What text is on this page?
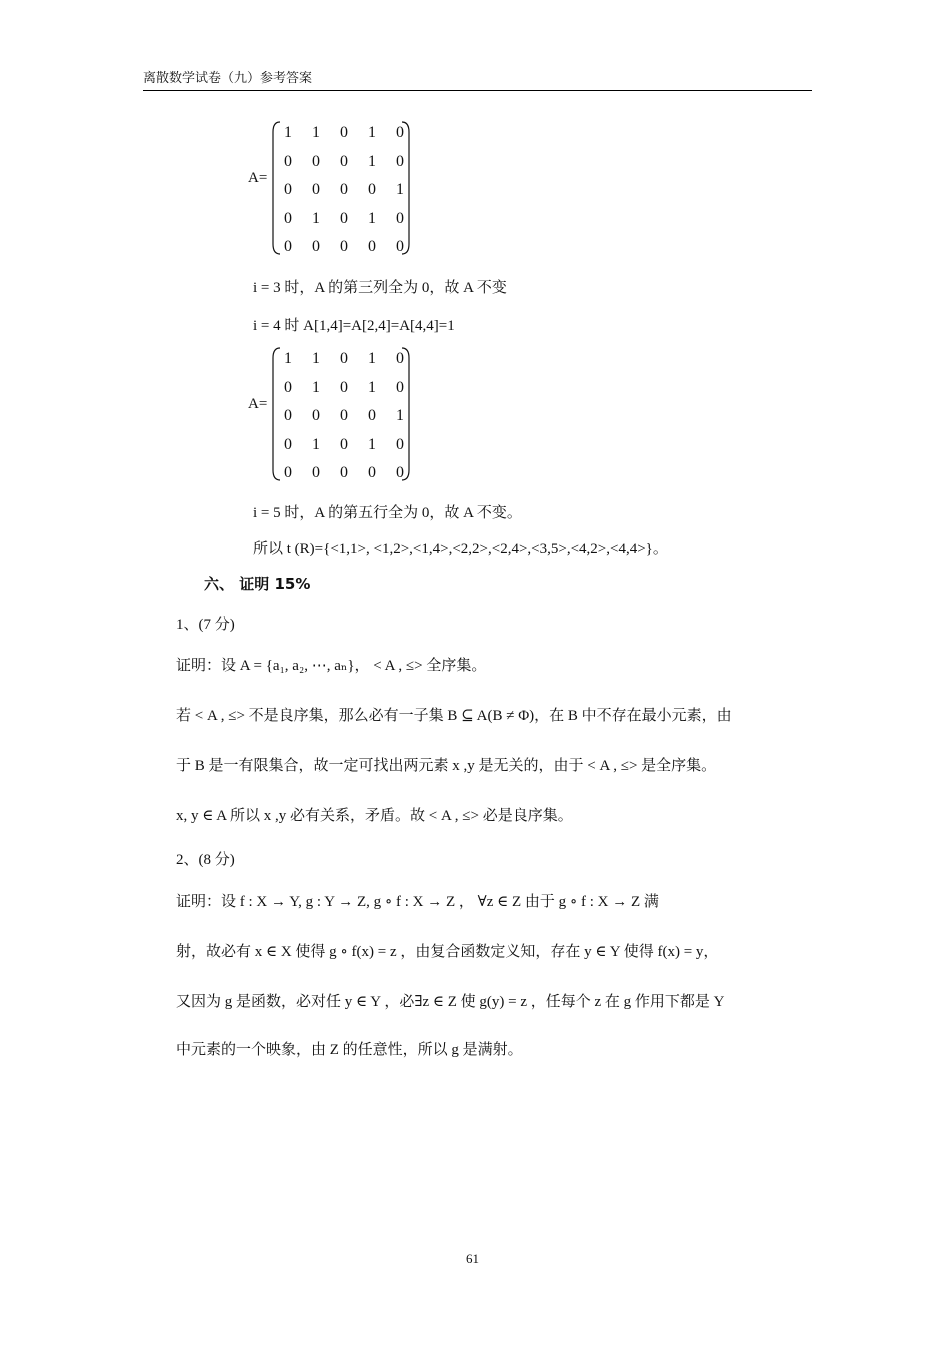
离散数学试卷（九）参考答案
A=
1	1	0	1	0
0	0	0	1	0
0	0	0	0	1
0	1	0	1	0
0	0	0	0	0
i = 3 时，A 的第三列全为 0，故 A 不变
i = 4 时 A[1,4]=A[2,4]=A[4,4]=1
A=
1	1	0	1	0
0	1	0	1	0
0	0	0	0	1
0	1	0	1	0
0	0	0	0	0
i = 5 时，A 的第五行全为 0，故 A 不变。
所以 t (R)={<1,1>, <1,2>,<1,4>,<2,2>,<2,4>,<3,5>,<4,2>,<4,4>}。
六、 证明 15%
1、(7 分)
证明：设 A = {a₁, a₂, ⋯, aₙ}， < A , ≤> 全序集。
若 < A , ≤> 不是良序集，那么必有一子集 B ⊆ A(B ≠ Φ)，在 B 中不存在最小元素，由
于 B 是一有限集合，故一定可找出两元素 x ,y 是无关的，由于 < A , ≤> 是全序集。
x, y ∈ A 所以 x ,y 必有关系，矛盾。故 < A , ≤> 必是良序集。
2、(8 分)
证明：设 f : X → Y, g : Y → Z, g ∘ f : X → Z ， ∀z ∈ Z 由于 g ∘ f : X → Z 满
射，故必有 x ∈ X 使得 g ∘ f(x) = z ，由复合函数定义知，存在 y ∈ Y 使得 f(x) = y，
又因为 g 是函数，必对任 y ∈ Y ，必∃z ∈ Z 使 g(y) = z ，任每个 z 在 g 作用下都是 Y
中元素的一个映象，由 Z 的任意性，所以 g 是满射。
61
